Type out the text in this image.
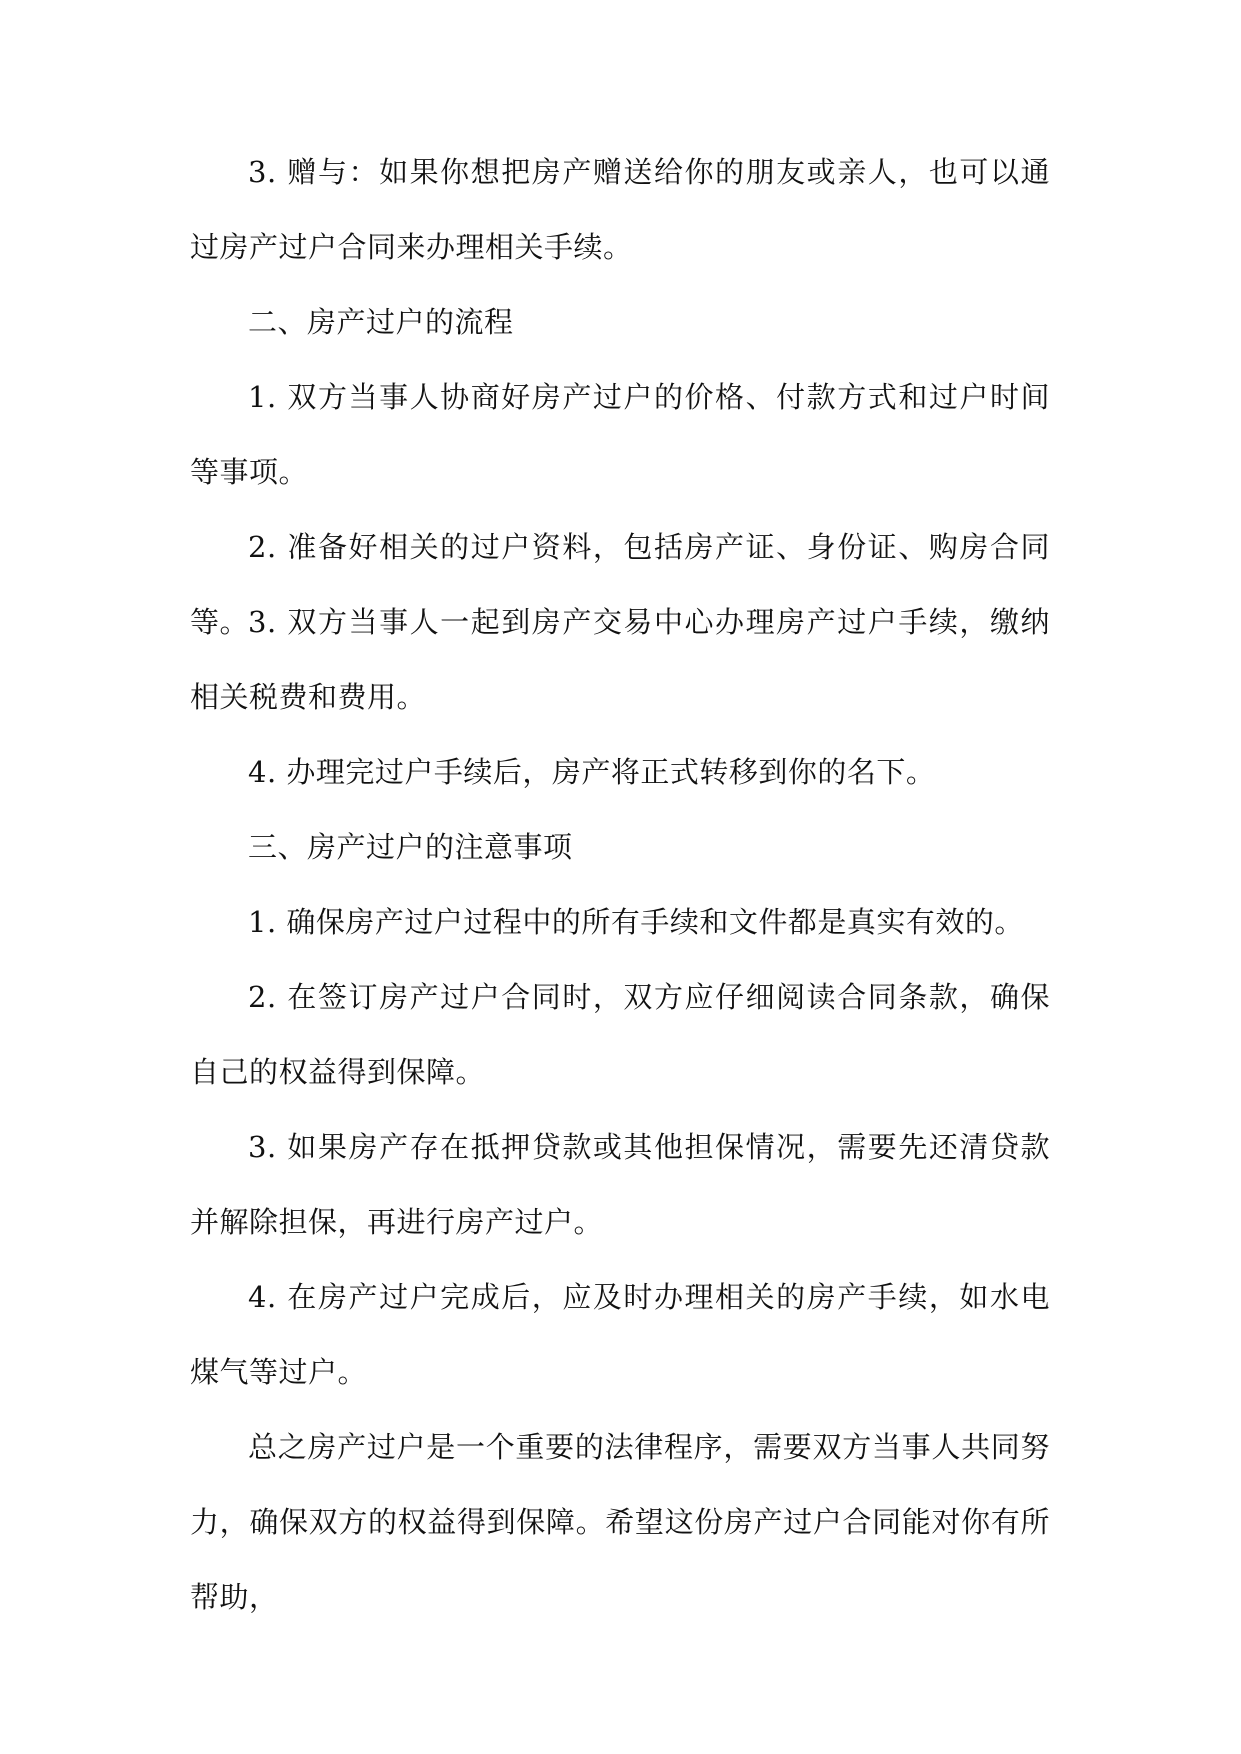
3. 赠与：如果你想把房产赠送给你的朋友或亲人，也可以通过房产过户合同来办理相关手续。

二、房产过户的流程

1. 双方当事人协商好房产过户的价格、付款方式和过户时间等事项。

2. 准备好相关的过户资料，包括房产证、身份证、购房合同等。

3. 双方当事人一起到房产交易中心办理房产过户手续，缴纳相关税费和费用。

4. 办理完过户手续后，房产将正式转移到你的名下。

三、房产过户的注意事项

1. 确保房产过户过程中的所有手续和文件都是真实有效的。

2. 在签订房产过户合同时，双方应仔细阅读合同条款，确保自己的权益得到保障。

3. 如果房产存在抵押贷款或其他担保情况，需要先还清贷款并解除担保，再进行房产过户。

4. 在房产过户完成后，应及时办理相关的房产手续，如水电煤气等过户。

总之房产过户是一个重要的法律程序，需要双方当事人共同努力，确保双方的权益得到保障。希望这份房产过户合同能对你有所帮助，
